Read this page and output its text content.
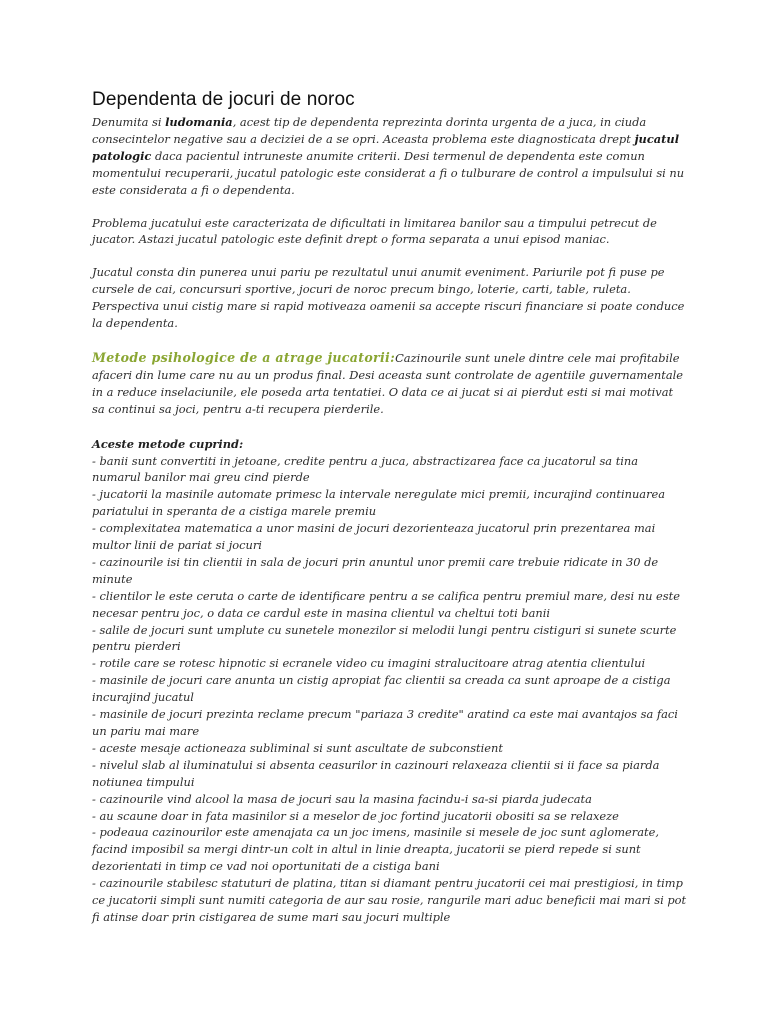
Dependenta de jocuri de noroc

Denumita si ludomania, acest tip de dependenta reprezinta dorinta urgenta de a juca, in ciuda consecintelor negative sau a deciziei de a se opri. Aceasta problema este diagnosticata drept jucatul patologic daca pacientul intruneste anumite criterii. Desi termenul de dependenta este comun momentului recuperarii, jucatul patologic este considerat a fi o tulburare de control a impulsului si nu este considerata a fi o dependenta.

Problema jucatului este caracterizata de dificultati in limitarea banilor sau a timpului petrecut de jucator. Astazi jucatul patologic este definit drept o forma separata a unui episod maniac.

Jucatul consta din punerea unui pariu pe rezultatul unui anumit eveniment. Pariurile pot fi puse pe cursele de cai, concursuri sportive, jocuri de noroc precum bingo, loterie, carti, table, ruleta. Perspectiva unui cistig mare si rapid motiveaza oamenii sa accepte riscuri financiare si poate conduce la dependenta.

Metode psihologice de a atrage jucatorii:Cazinourile sunt unele dintre cele mai profitabile afaceri din lume care nu au un produs final. Desi aceasta sunt controlate de agentiile guvernamentale in a reduce inselaciunile, ele poseda arta tentatiei. O data ce ai jucat si ai pierdut esti si mai motivat sa continui sa joci, pentru a-ti recupera pierderile.

Aceste metode cuprind:

- banii sunt convertiti in jetoane, credite pentru a juca, abstractizarea face ca jucatorul sa tina numarul banilor mai greu cind pierde
- jucatorii la masinile automate primesc la intervale neregulate mici premii, incurajind continuarea pariatului in speranta de a cistiga marele premiu
- complexitatea matematica a unor masini de jocuri dezorienteaza jucatorul prin prezentarea mai multor linii de pariat si jocuri
- cazinourile isi tin clientii in sala de jocuri prin anuntul unor premii care trebuie ridicate in 30 de minute
- clientilor le este ceruta o carte de identificare pentru a se califica pentru premiul mare, desi nu este necesar pentru joc, o data ce cardul este in masina clientul va cheltui toti banii
- salile de jocuri sunt umplute cu sunetele monezilor si melodii lungi pentru cistiguri si sunete scurte pentru pierderi
- rotile care se rotesc hipnotic si ecranele video cu imagini stralucitoare atrag atentia clientului
- masinile de jocuri care anunta un cistig apropiat fac clientii sa creada ca sunt aproape de a cistiga incurajind jucatul
- masinile de jocuri prezinta reclame precum "pariaza 3 credite" aratind ca este mai avantajos sa faci un pariu mai mare
- aceste mesaje actioneaza subliminal si sunt ascultate de subconstient
- nivelul slab al iluminatului si absenta ceasurilor in cazinouri relaxeaza clientii si ii face sa piarda notiunea timpului
- cazinourile vind alcool la masa de jocuri sau la masina facindu-i sa-si piarda judecata
- au scaune doar in fata masinilor si a meselor de joc fortind jucatorii obositi sa se relaxeze
- podeaua cazinourilor este amenajata ca un joc imens, masinile si mesele de joc sunt aglomerate, facind imposibil sa mergi dintr-un colt in altul in linie dreapta, jucatorii se pierd repede si sunt dezorientati in timp ce vad noi oportunitati de a cistiga bani
- cazinourile stabilesc statuturi de platina, titan si diamant pentru jucatorii cei mai prestigiosi, in timp ce jucatorii simpli sunt numiti categoria de aur sau rosie, rangurile mari aduc beneficii mai mari si pot fi atinse doar prin cistigarea de sume mari sau jocuri multiple
